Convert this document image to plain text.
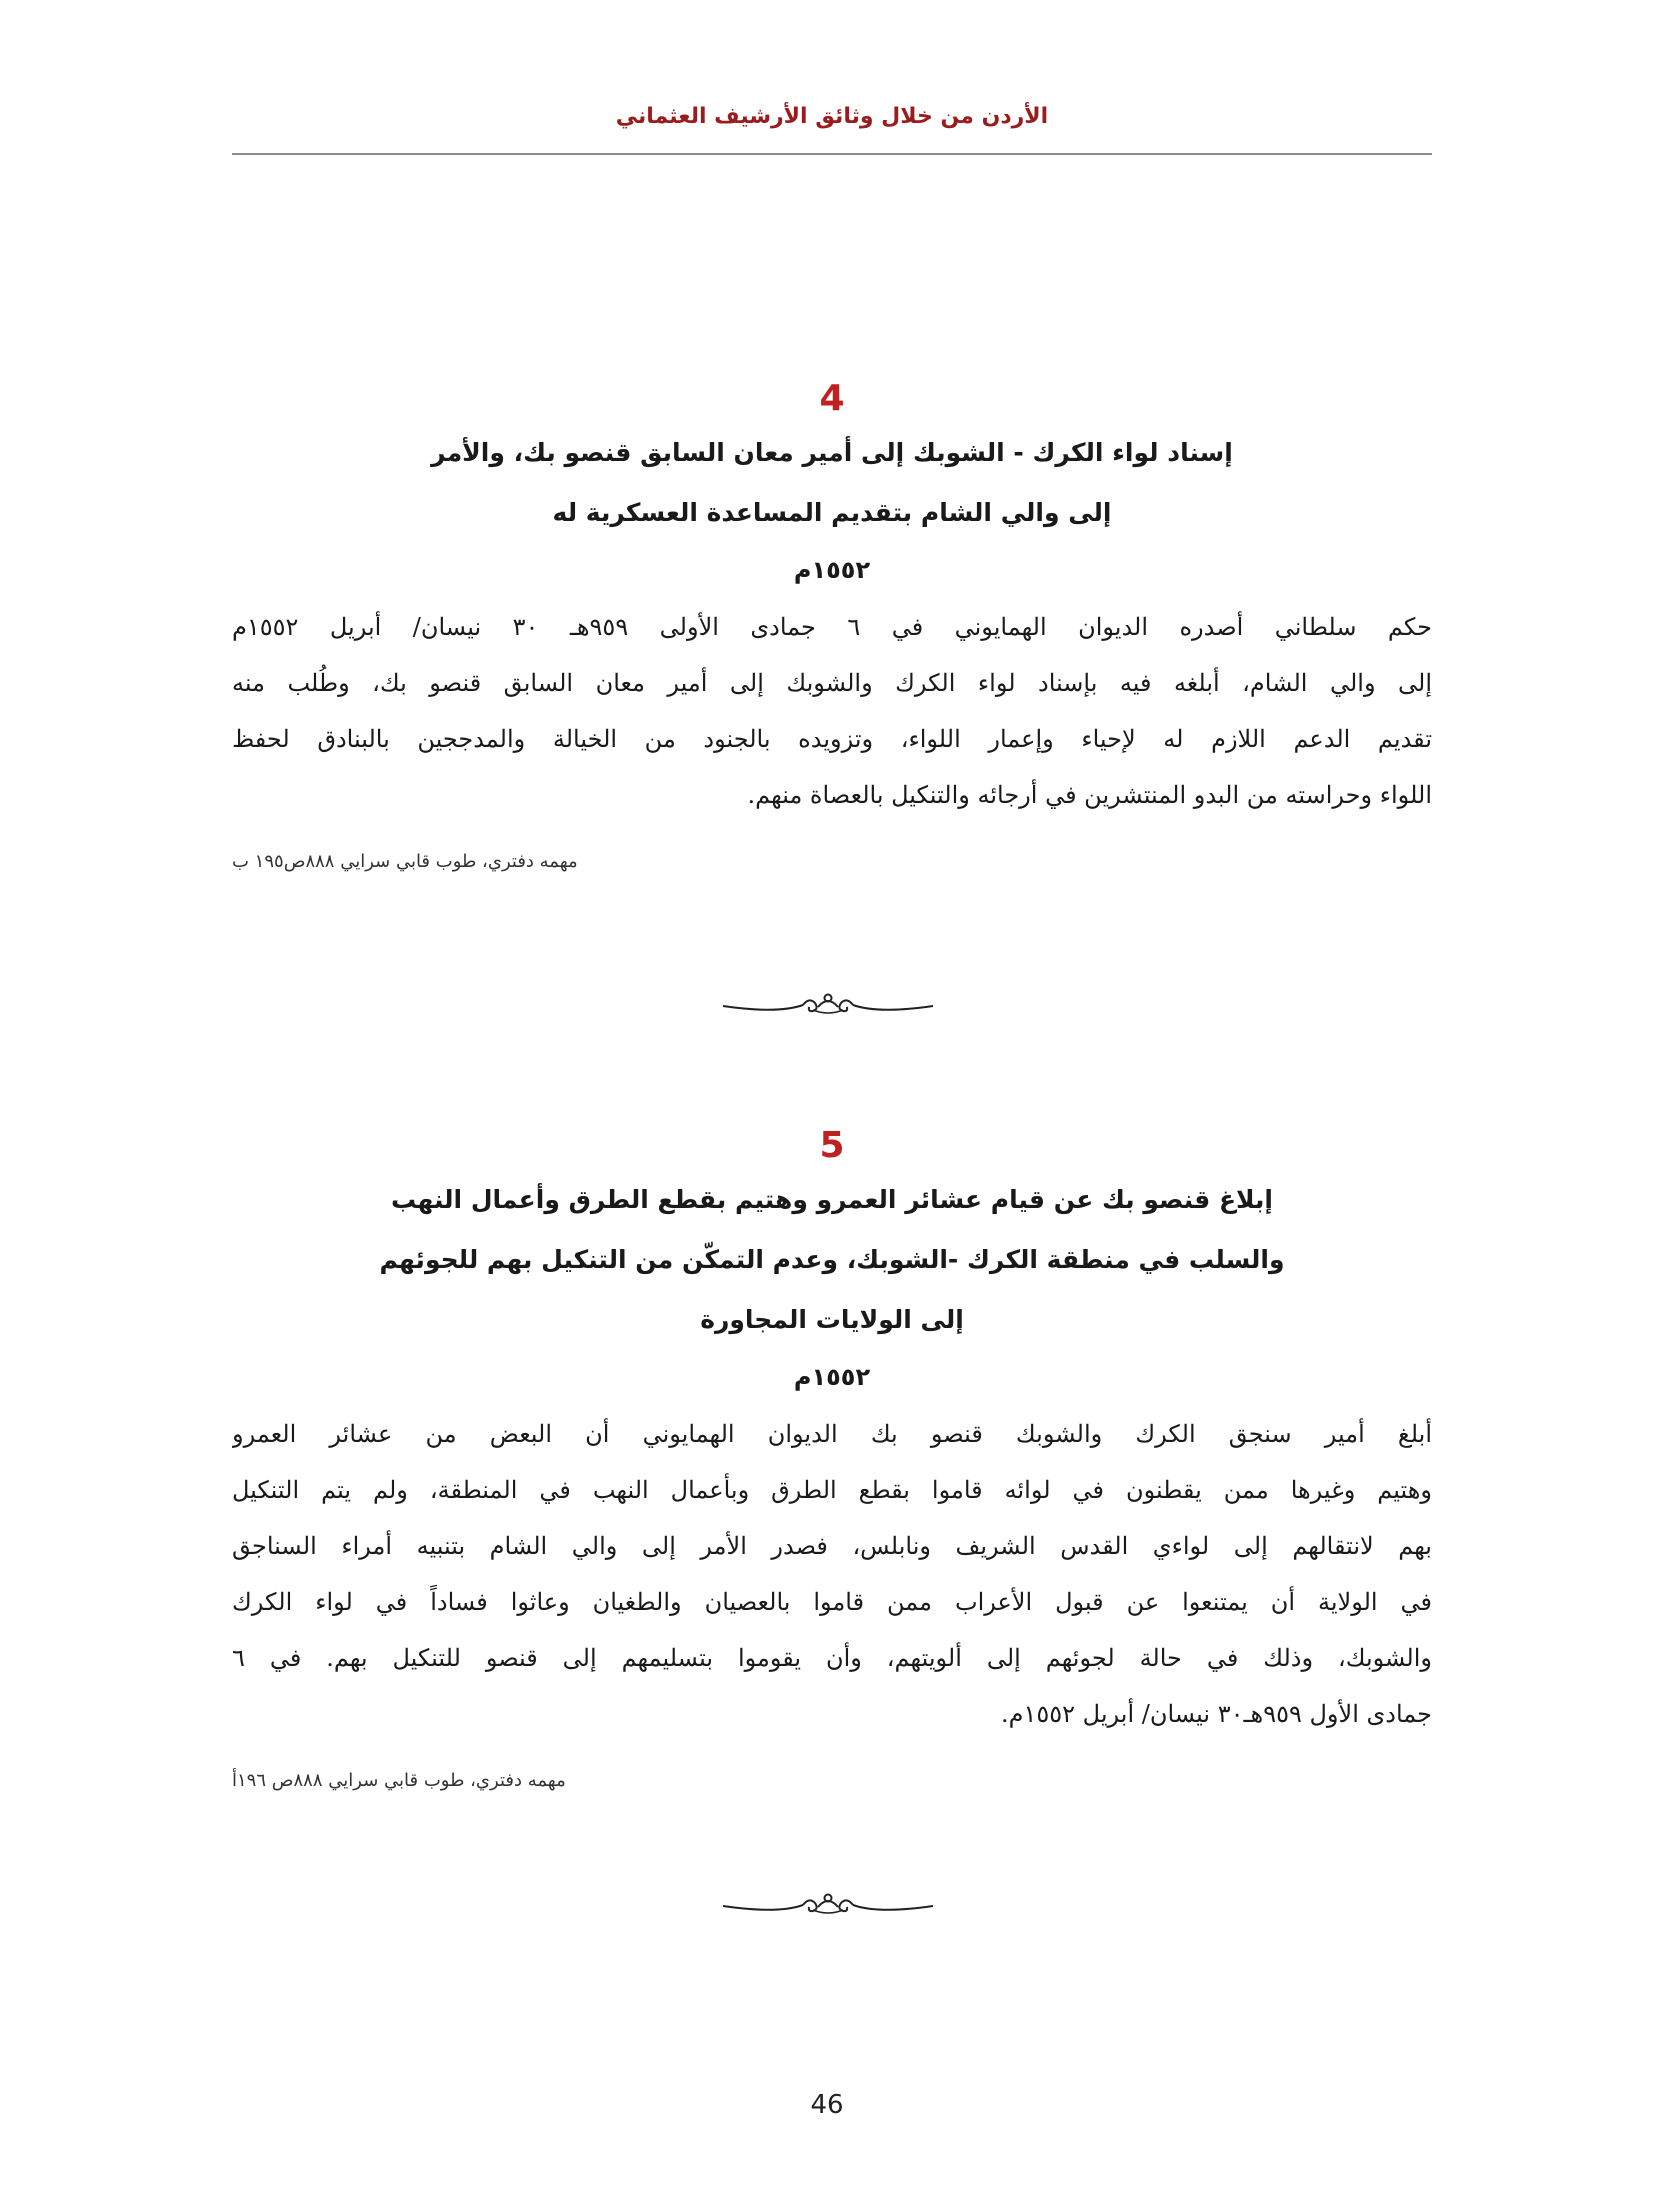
الأردن من خلال وثائق الأرشيف العثماني
4
إسناد لواء الكرك - الشوبك إلى أمير معان السابق قنصو بك، والأمر
إلى والي الشام بتقديم المساعدة العسكرية له
١٥٥٢م
حكم سلطاني أصدره الديوان الهمايوني في ٦ جمادى الأولى ٩٥٩هـ ٣٠ نيسان/ أبريل ١٥٥٢م
إلى والي الشام، أبلغه فيه بإسناد لواء الكرك والشوبك إلى أمير معان السابق قنصو بك، وطُلب منه
تقديم الدعم اللازم له لإحياء وإعمار اللواء، وتزويده بالجنود من الخيالة والمدججين بالبنادق لحفظ
اللواء وحراسته من البدو المنتشرين في أرجائه والتنكيل بالعصاة منهم.
مهمه دفتري، طوب قابي سرايي ٨٨٨ص١٩٥ ب
5
إبلاغ قنصو بك عن قيام عشائر العمرو وهتيم بقطع الطرق وأعمال النهب
والسلب في منطقة الكرك -الشوبك، وعدم التمكّن من التنكيل بهم للجوئهم
إلى الولايات المجاورة
١٥٥٢م
أبلغ أمير سنجق الكرك والشوبك قنصو بك الديوان الهمايوني أن البعض من عشائر العمرو
وهتيم وغيرها ممن يقطنون في لوائه قاموا بقطع الطرق وبأعمال النهب في المنطقة، ولم يتم التنكيل
بهم لانتقالهم إلى لواءي القدس الشريف ونابلس، فصدر الأمر إلى والي الشام بتنبيه أمراء السناجق
في الولاية أن يمتنعوا عن قبول الأعراب ممن قاموا بالعصيان والطغيان وعاثوا فساداً في لواء الكرك
والشوبك، وذلك في حالة لجوئهم إلى ألويتهم، وأن يقوموا بتسليمهم إلى قنصو للتنكيل بهم. في ٦
جمادى الأول ٩٥٩هـ٣٠ نيسان/ أبريل ١٥٥٢م.
مهمه دفتري، طوب قابي سرايي ٨٨٨ص ١٩٦أ
46
